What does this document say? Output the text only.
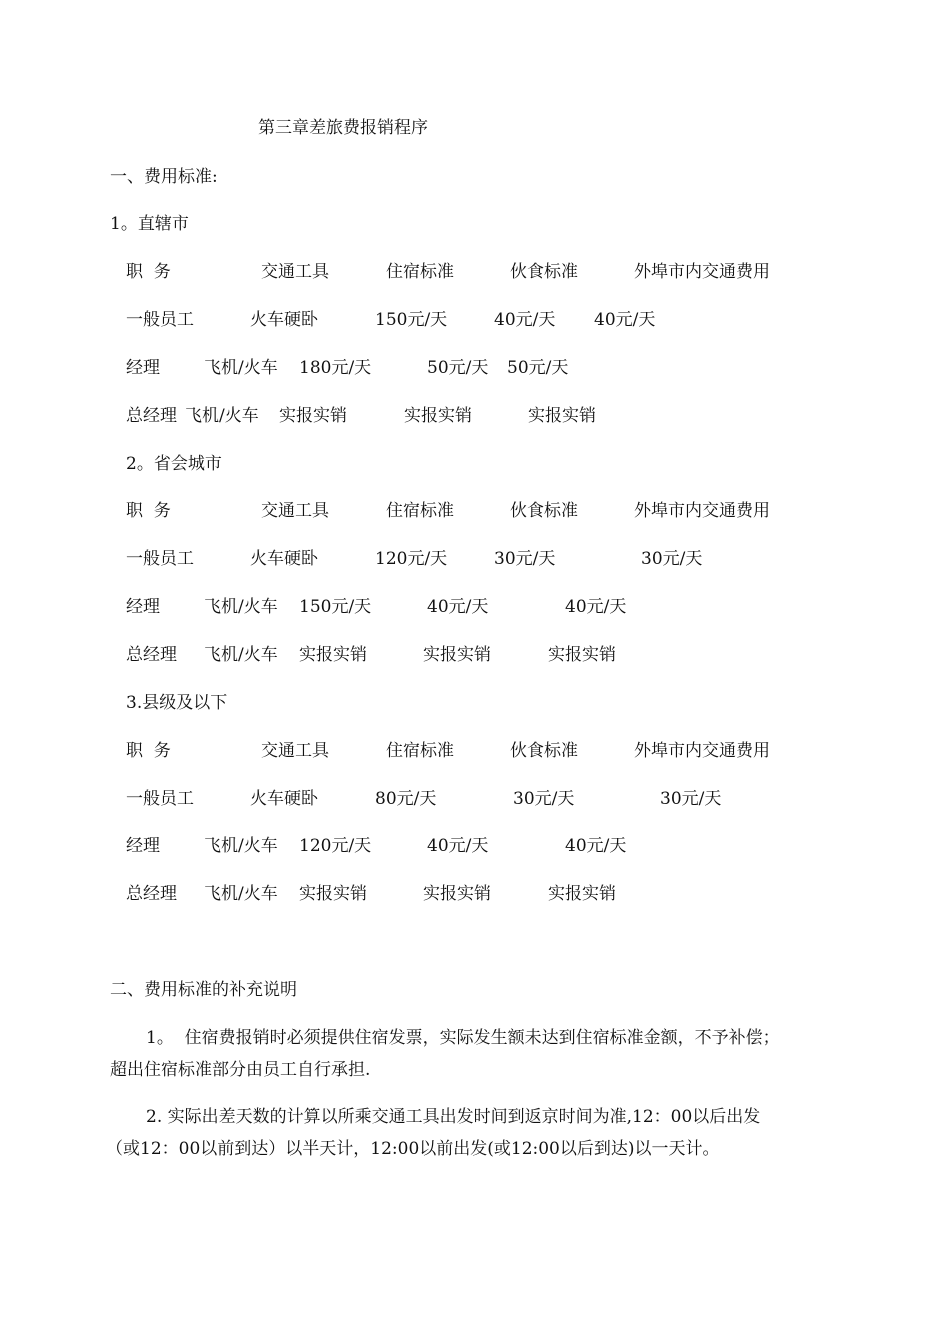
第三章差旅费报销程序
一、费用标准:
1。直辖市
职  务	交通工具	住宿标准	伙食标准	外埠市内交通费用
一般员工	火车硬卧	150元/天	40元/天 40元/天
经理	飞机/火车 180元/天	50元/天 50元/天
总经理 飞机/火车 实报实销	实报实销	实报实销
2。省会城市
职  务	交通工具	住宿标准	伙食标准	外埠市内交通费用
一般员工	火车硬卧	120元/天	30元/天	30元/天
经理	飞机/火车 150元/天	40元/天	40元/天
总经理 飞机/火车 实报实销	实报实销	实报实销
3.县级及以下
职  务	交通工具	住宿标准	伙食标准	外埠市内交通费用
一般员工	火车硬卧	80元/天	30元/天	30元/天
经理	飞机/火车 120元/天	40元/天	40元/天
总经理 飞机/火车 实报实销	实报实销	实报实销
二、费用标准的补充说明
1。  住宿费报销时必须提供住宿发票，实际发生额未达到住宿标准金额，不予补偿；
超出住宿标准部分由员工自行承担.
2. 实际出差天数的计算以所乘交通工具出发时间到返京时间为准,12：00以后出发
（或12：00以前到达）以半天计，12:00以前出发(或12:00以后到达)以一天计。
